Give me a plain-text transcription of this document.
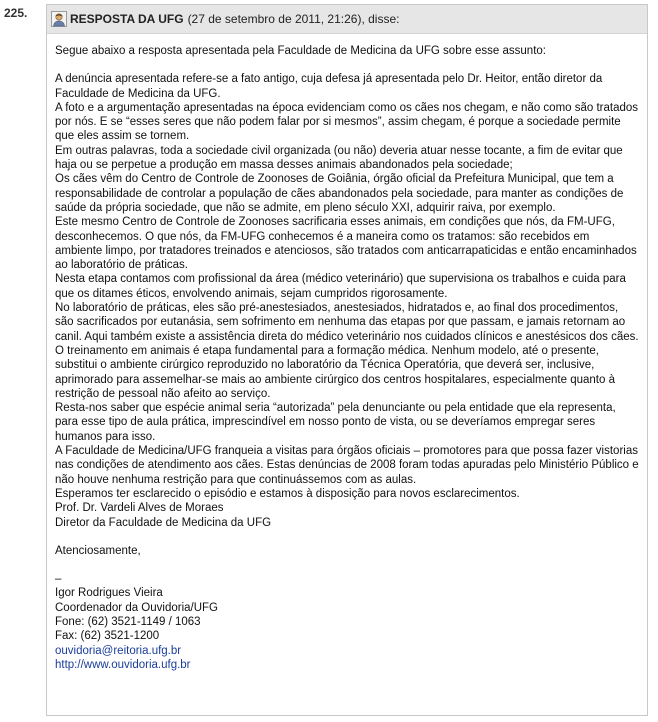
225.	RESPOSTA DA UFG (27 de setembro de 2011, 21:26), disse:

Segue abaixo a resposta apresentada pela Faculdade de Medicina da UFG sobre esse assunto:

A denúncia apresentada refere-se a fato antigo, cuja defesa já apresentada pelo Dr. Heitor, então diretor da Faculdade de Medicina da UFG.

A foto e a argumentação apresentadas na época evidenciam como os cães nos chegam, e não como são tratados por nós. E se “esses seres que não podem falar por si mesmos”, assim chegam, é porque a sociedade permite que eles assim se tornem.

Em outras palavras, toda a sociedade civil organizada (ou não) deveria atuar nesse tocante, a fim de evitar que haja ou se perpetue a produção em massa desses animais abandonados pela sociedade;

Os cães vêm do Centro de Controle de Zoonoses de Goiânia, órgão oficial da Prefeitura Municipal, que tem a responsabilidade de controlar a população de cães abandonados pela sociedade, para manter as condições de saúde da própria sociedade, que não se admite, em pleno século XXI, adquirir raiva, por exemplo.

Este mesmo Centro de Controle de Zoonoses sacrificaria esses animais, em condições que nós, da FM-UFG, desconhecemos. O que nós, da FM-UFG conhecemos é a maneira como os tratamos: são recebidos em ambiente limpo, por tratadores treinados e atenciosos, são tratados com anticarrapaticidas e então encaminhados ao laboratório de práticas.

Nesta etapa contamos com profissional da área (médico veterinário) que supervisiona os trabalhos e cuida para que os ditames éticos, envolvendo animais, sejam cumpridos rigorosamente.

No laboratório de práticas, eles são pré-anestesiados, anestesiados, hidratados e, ao final dos procedimentos, são sacrificados por eutanásia, sem sofrimento em nenhuma das etapas por que passam, e jamais retornam ao canil. Aqui também existe a assistência direta do médico veterinário nos cuidados clínicos e anestésicos dos cães.

O treinamento em animais é etapa fundamental para a formação médica. Nenhum modelo, até o presente, substitui o ambiente cirúrgico reproduzido no laboratório da Técnica Operatória, que deverá ser, inclusive, aprimorado para assemelhar-se mais ao ambiente cirúrgico dos centros hospitalares, especialmente quanto à restrição de pessoal não afeito ao serviço.

Resta-nos saber que espécie animal seria “autorizada” pela denunciante ou pela entidade que ela representa, para esse tipo de aula prática, imprescindível em nosso ponto de vista, ou se deveríamos empregar seres humanos para isso.

A Faculdade de Medicina/UFG franqueia a visitas para órgãos oficiais – promotores para que possa fazer vistorias nas condições de atendimento aos cães. Estas denúncias de 2008 foram todas apuradas pelo Ministério Público e não houve nenhuma restrição para que continuássemos com as aulas.

Esperamos ter esclarecido o episódio e estamos à disposição para novos esclarecimentos.

Prof. Dr. Vardeli Alves de Moraes

Diretor da Faculdade de Medicina da UFG

Atenciosamente,

–

Igor Rodrigues Vieira

Coordenador da Ouvidoria/UFG

Fone: (62) 3521-1149 / 1063

Fax: (62) 3521-1200

ouvidoria@reitoria.ufg.br

http://www.ouvidoria.ufg.br
